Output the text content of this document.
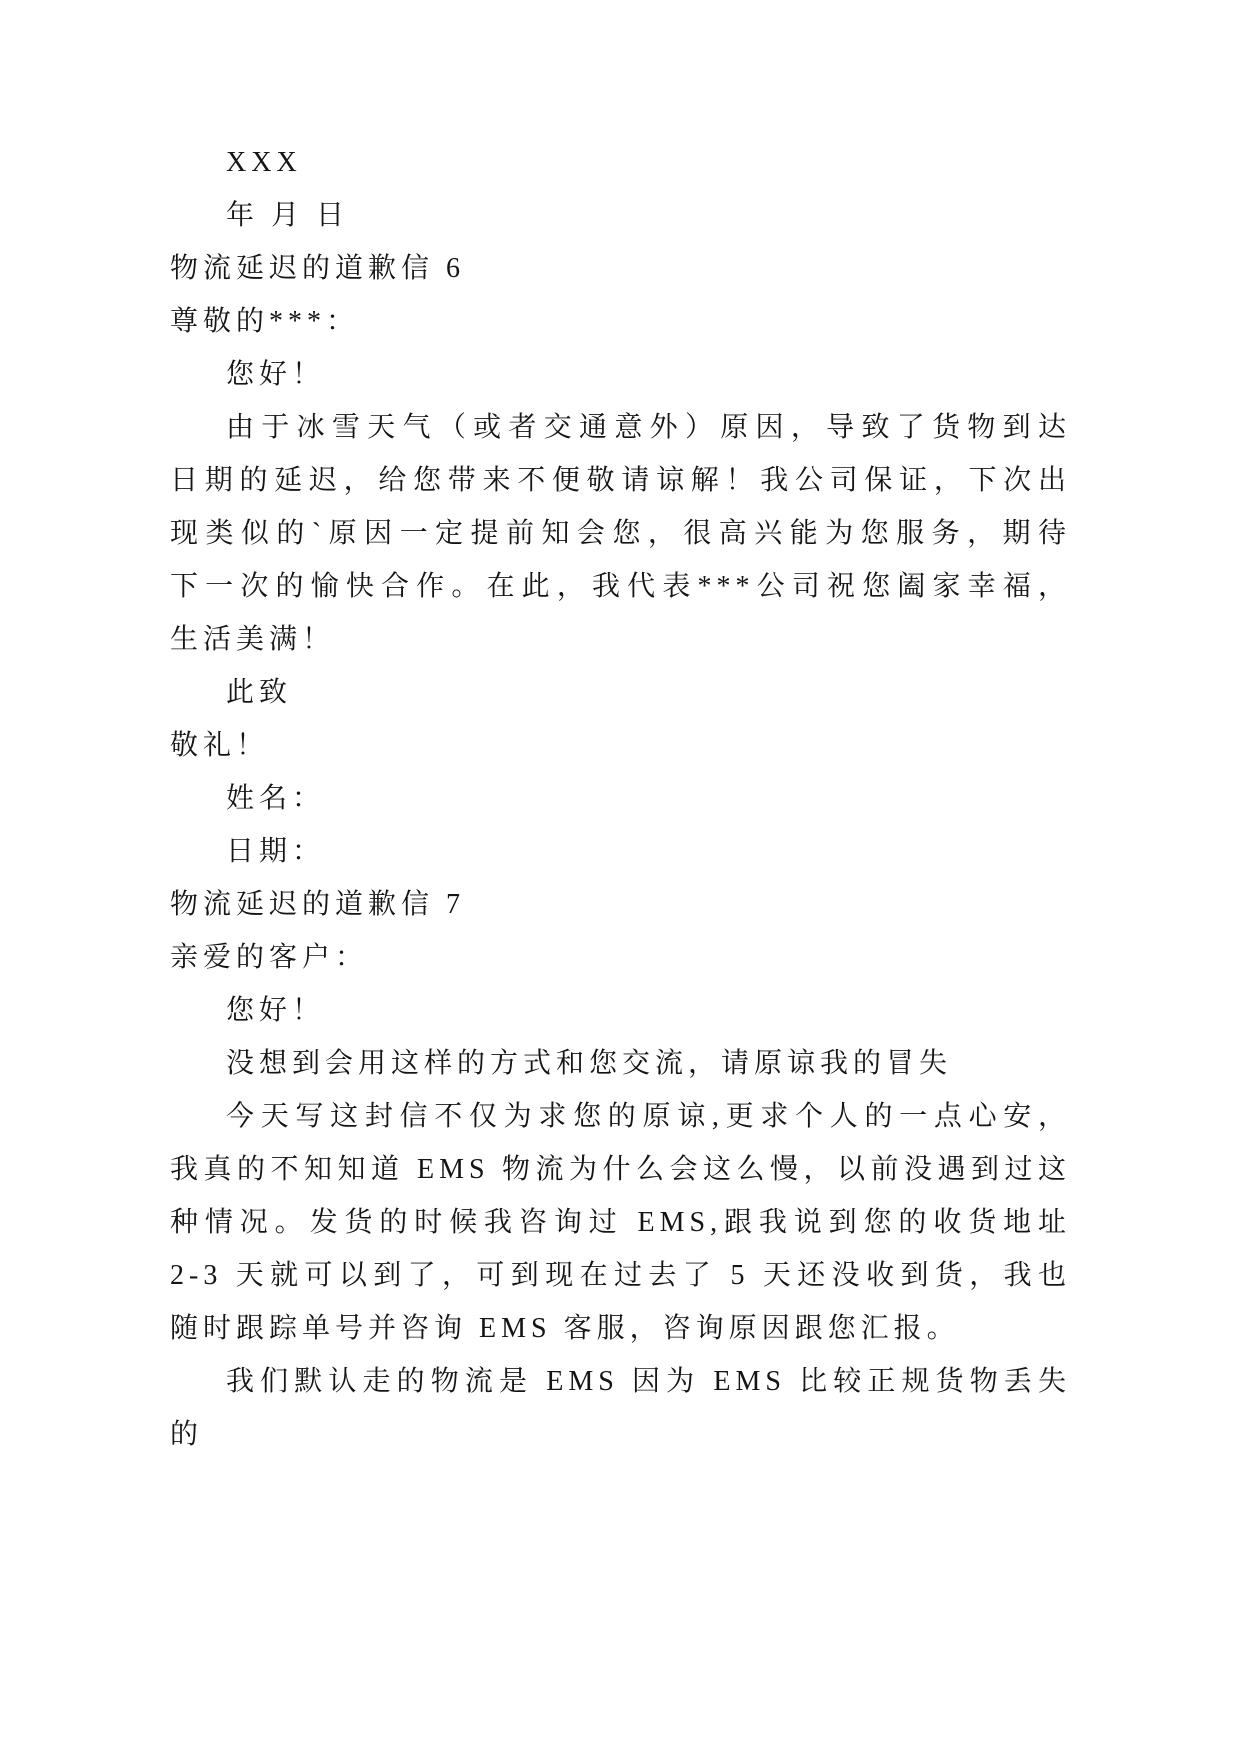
XXX

年 月 日

物流延迟的道歉信 6

尊敬的***：

您好！

由于冰雪天气（或者交通意外）原因，导致了货物到达

日期的延迟，给您带来不便敬请谅解！我公司保证，下次出

现类似的`原因一定提前知会您，很高兴能为您服务，期待

下一次的愉快合作。在此，我代表***公司祝您阖家幸福，

生活美满！

此致

敬礼！

姓名：

日期：

物流延迟的道歉信 7

亲爱的客户：

您好！

没想到会用这样的方式和您交流，请原谅我的冒失

今天写这封信不仅为求您的原谅,更求个人的一点心安，

我真的不知知道 EMS 物流为什么会这么慢，以前没遇到过这

种情况。发货的时候我咨询过 EMS,跟我说到您的收货地址

2-3 天就可以到了，可到现在过去了 5 天还没收到货，我也

随时跟踪单号并咨询 EMS 客服，咨询原因跟您汇报。

我们默认走的物流是 EMS 因为 EMS 比较正规货物丢失的
